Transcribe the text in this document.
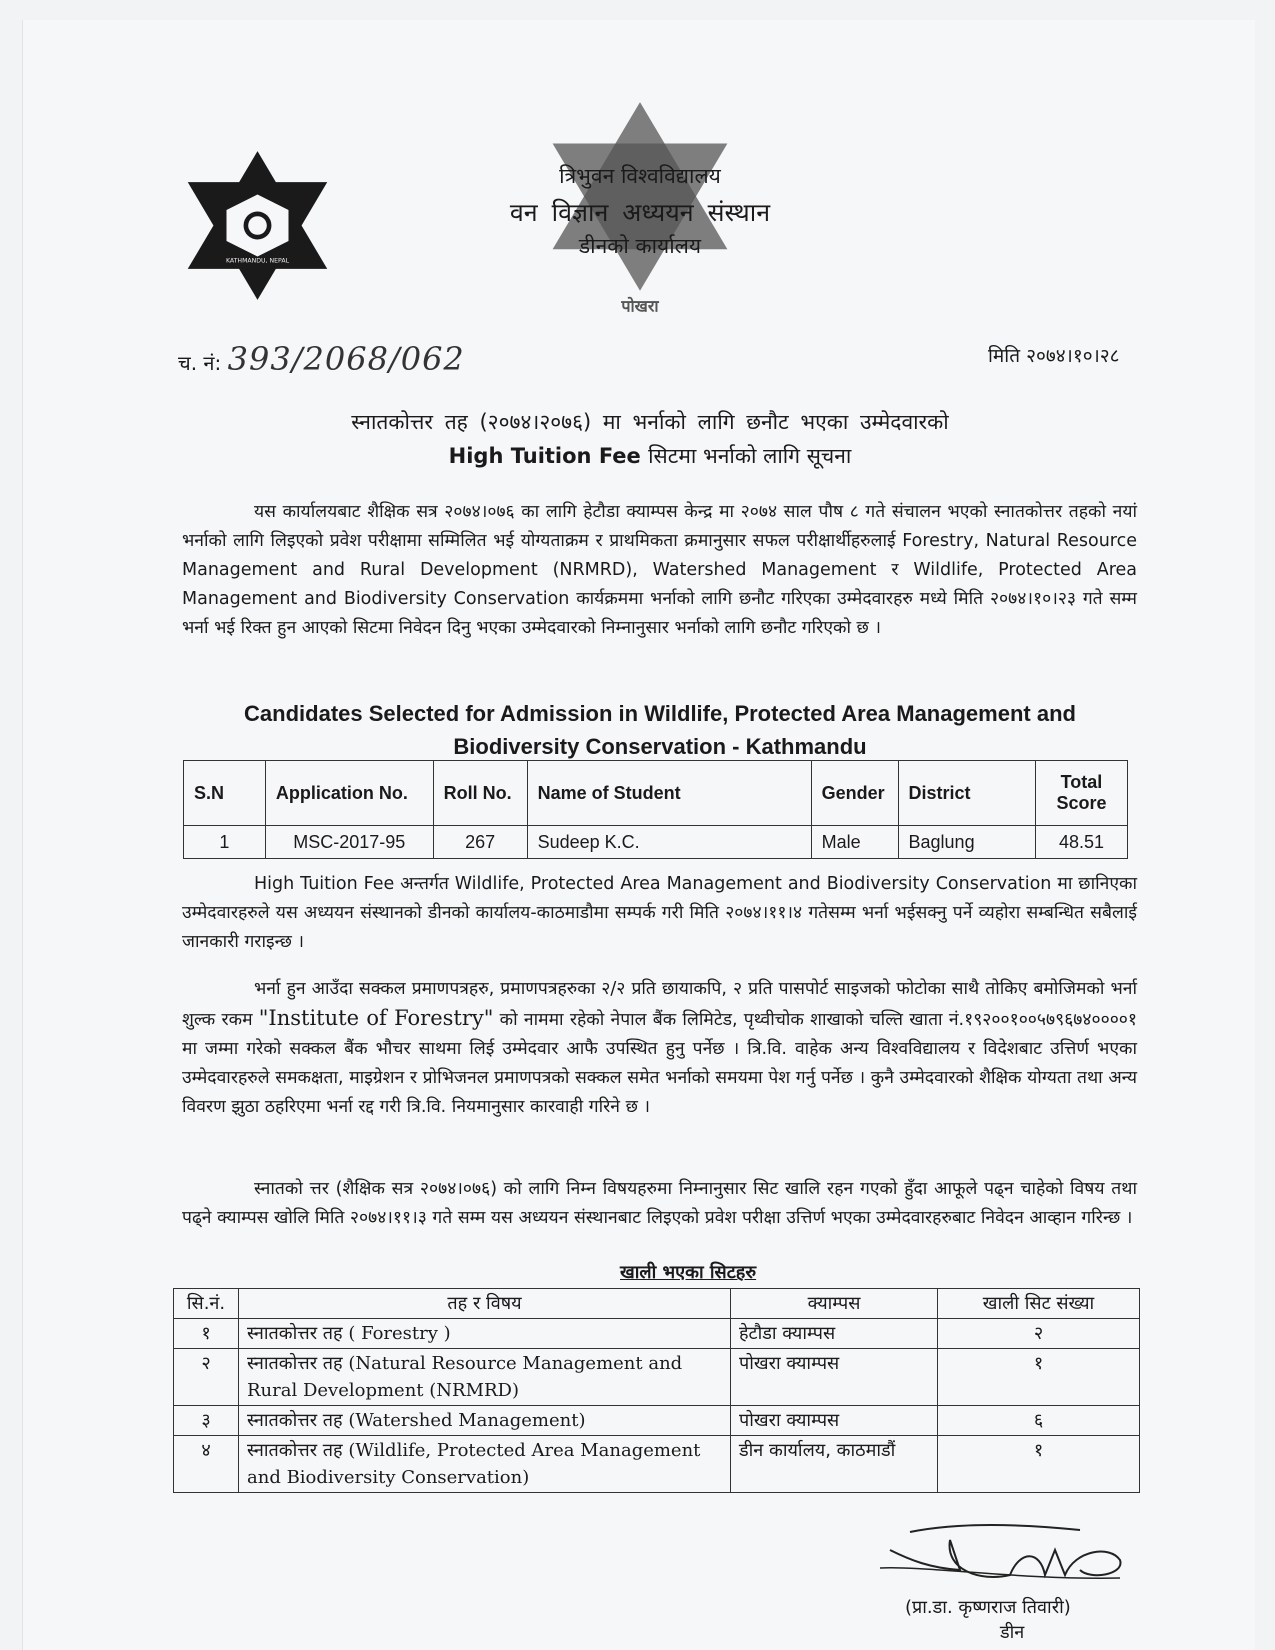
KATHMANDU, NEPAL
पोखरा
त्रिभुवन विश्वविद्यालय
वन विज्ञान अध्ययन संस्थान
डीनको कार्यालय
च. नं: 393/2068/062	मिति २०७४।१०।२८
स्नातकोत्तर तह (२०७४।२०७६) मा भर्नाको लागि छनौट भएका उम्मेदवारको
High Tuition Fee सिटमा भर्नाको लागि सूचना
यस कार्यालयबाट शैक्षिक सत्र २०७४।०७६ का लागि हेटौडा क्याम्पस केन्द्र मा २०७४ साल पौष ८ गते संचालन भएको स्नातकोत्तर तहको नयां भर्नाको लागि लिइएको प्रवेश परीक्षामा सम्मिलित भई योग्यताक्रम र प्राथमिकता क्रमानुसार सफल परीक्षार्थीहरुलाई Forestry, Natural Resource Management and Rural Development (NRMRD), Watershed Management र Wildlife, Protected Area Management and Biodiversity Conservation कार्यक्रममा भर्नाको लागि छनौट गरिएका उम्मेदवारहरु मध्ये मिति २०७४।१०।२३ गते सम्म भर्ना भई रिक्त हुन आएको सिटमा निवेदन दिनु भएका उम्मेदवारको निम्नानुसार भर्नाको लागि छनौट गरिएको छ ।
Candidates Selected for Admission in Wildlife, Protected Area Management and Biodiversity Conservation - Kathmandu
S.N	Application No.	Roll No.	Name of Student	Gender	District	Total Score
1	MSC-2017-95	267	Sudeep K.C.	Male	Baglung	48.51
High Tuition Fee अन्तर्गत Wildlife, Protected Area Management and Biodiversity Conservation मा छानिएका उम्मेदवारहरुले यस अध्ययन संस्थानको डीनको कार्यालय-काठमाडौमा सम्पर्क गरी मिति २०७४।११।४ गतेसम्म भर्ना भईसक्नु पर्ने व्यहोरा सम्बन्धित सबैलाई जानकारी गराइन्छ ।
भर्ना हुन आउँदा सक्कल प्रमाणपत्रहरु, प्रमाणपत्रहरुका २/२ प्रति छायाकपि, २ प्रति पासपोर्ट साइजको फोटोका साथै तोकिए बमोजिमको भर्ना शुल्क रकम "Institute of Forestry" को नाममा रहेको नेपाल बैंक लिमिटेड, पृथ्वीचोक शाखाको चल्ति खाता नं.१९२००१००५७९६७४००००१ मा जम्मा गरेको सक्कल बैंक भौचर साथमा लिई उम्मेदवार आफै उपस्थित हुनु पर्नेछ । त्रि.वि. वाहेक अन्य विश्वविद्यालय र विदेशबाट उत्तिर्ण भएका उम्मेदवारहरुले समकक्षता, माइग्रेशन र प्रोभिजनल प्रमाणपत्रको सक्कल समेत भर्नाको समयमा पेश गर्नु पर्नेछ । कुनै उम्मेदवारको शैक्षिक योग्यता तथा अन्य विवरण झुठा ठहरिएमा भर्ना रद्द गरी त्रि.वि. नियमानुसार कारवाही गरिने छ ।
स्नातको त्तर (शैक्षिक सत्र २०७४।०७६) को लागि निम्न विषयहरुमा निम्नानुसार सिट खालि रहन गएको हुँदा आफूले पढ्न चाहेको विषय तथा पढ्ने क्याम्पस खोलि मिति २०७४।११।३ गते सम्म यस अध्ययन संस्थानबाट लिइएको प्रवेश परीक्षा उत्तिर्ण भएका उम्मेदवारहरुबाट निवेदन आव्हान गरिन्छ ।
खाली भएका सिटहरु
सि.नं.	तह र विषय	क्याम्पस	खाली सिट संख्या
१	स्नातकोत्तर तह ( Forestry )	हेटौडा क्याम्पस	२
२	स्नातकोत्तर तह (Natural Resource Management and Rural Development (NRMRD)	पोखरा क्याम्पस	१
३	स्नातकोत्तर तह (Watershed Management)	पोखरा क्याम्पस	६
४	स्नातकोत्तर तह (Wildlife, Protected Area Management and Biodiversity Conservation)	डीन कार्यालय, काठमाडौं	१
(प्रा.डा. कृष्णराज तिवारी)
डीन
